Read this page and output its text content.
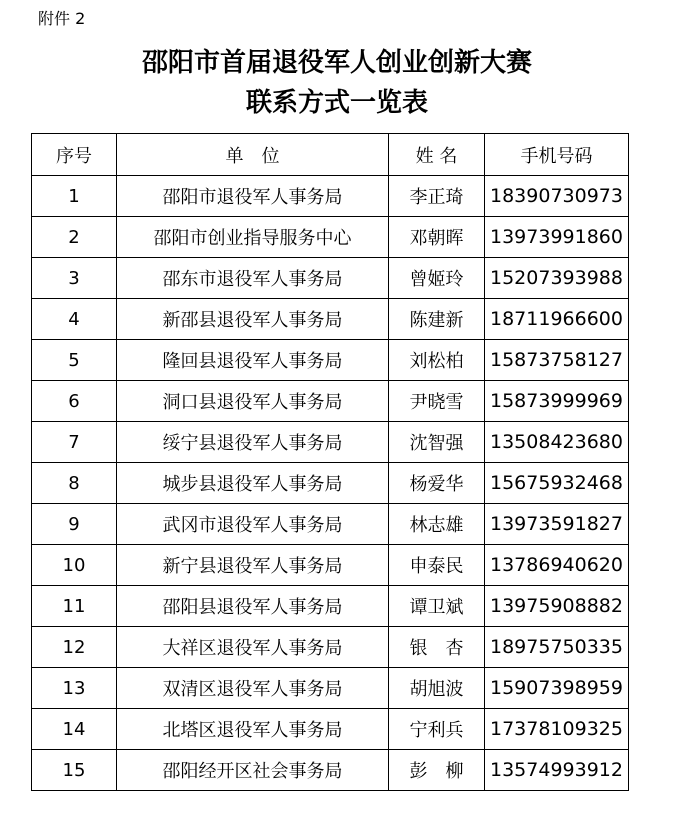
附件 2
邵阳市首届退役军人创业创新大赛
联系方式一览表
序号	单　位	姓 名	手机号码
1	邵阳市退役军人事务局	李正琦	18390730973
2	邵阳市创业指导服务中心	邓朝晖	13973991860
3	邵东市退役军人事务局	曾姬玲	15207393988
4	新邵县退役军人事务局	陈建新	18711966600
5	隆回县退役军人事务局	刘松柏	15873758127
6	洞口县退役军人事务局	尹晓雪	15873999969
7	绥宁县退役军人事务局	沈智强	13508423680
8	城步县退役军人事务局	杨爱华	15675932468
9	武冈市退役军人事务局	林志雄	13973591827
10	新宁县退役军人事务局	申泰民	13786940620
11	邵阳县退役军人事务局	谭卫斌	13975908882
12	大祥区退役军人事务局	银　杏	18975750335
13	双清区退役军人事务局	胡旭波	15907398959
14	北塔区退役军人事务局	宁利兵	17378109325
15	邵阳经开区社会事务局	彭　柳	13574993912
